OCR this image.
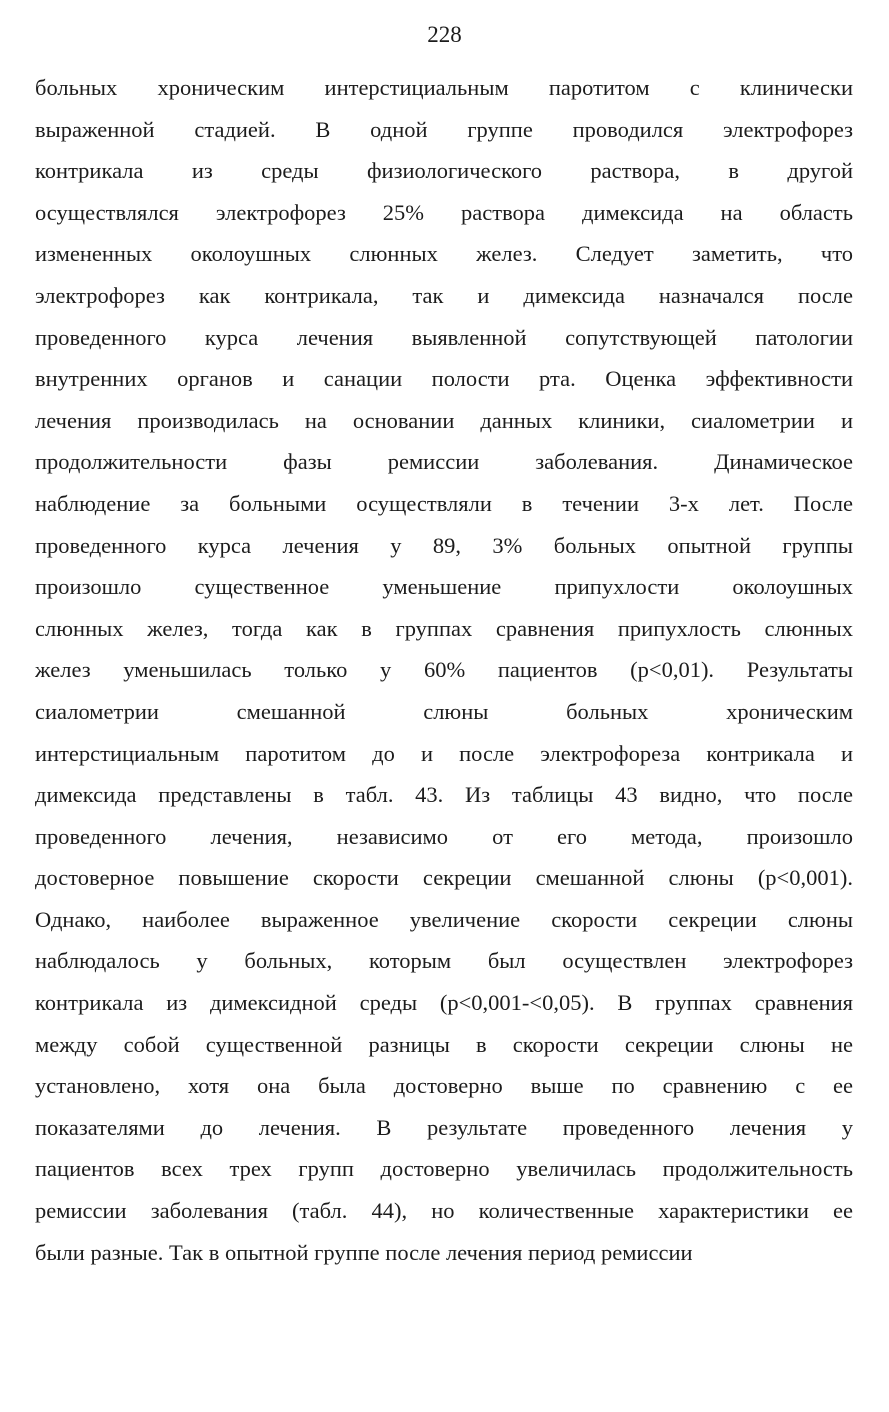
228
больных хроническим интерстициальным паротитом с клинически
выраженной стадией. В одной группе проводился электрофорез
контрикала из среды физиологического раствора, в другой
осуществлялся электрофорез 25% раствора димексида на область
измененных околоушных слюнных желез. Следует заметить, что
электрофорез как контрикала, так и димексида назначался после
проведенного курса лечения выявленной сопутствующей патологии
внутренних органов и санации полости рта. Оценка эффективности
лечения производилась на основании данных клиники, сиалометрии и
продолжительности фазы ремиссии заболевания. Динамическое
наблюдение за больными осуществляли в течении 3-х лет. После
проведенного курса лечения у 89, 3% больных опытной группы
произошло существенное уменьшение припухлости околоушных
слюнных желез, тогда как в группах сравнения припухлость слюнных
желез уменьшилась только у 60% пациентов (р<0,01). Результаты
сиалометрии смешанной слюны больных хроническим
интерстициальным паротитом до и после электрофореза контрикала и
димексида представлены в табл. 43. Из таблицы 43 видно, что после
проведенного лечения, независимо от его метода, произошло
достоверное повышение скорости секреции смешанной слюны (р<0,001).
Однако, наиболее выраженное увеличение скорости секреции слюны
наблюдалось у больных, которым был осуществлен электрофорез
контрикала из димексидной среды (р<0,001-<0,05). В группах сравнения
между собой существенной разницы в скорости секреции слюны не
установлено, хотя она была достоверно выше по сравнению с ее
показателями до лечения. В результате проведенного лечения у
пациентов всех трех групп достоверно увеличилась продолжительность
ремиссии заболевания (табл. 44), но количественные характеристики ее
были разные. Так в опытной группе после лечения период ремиссии
